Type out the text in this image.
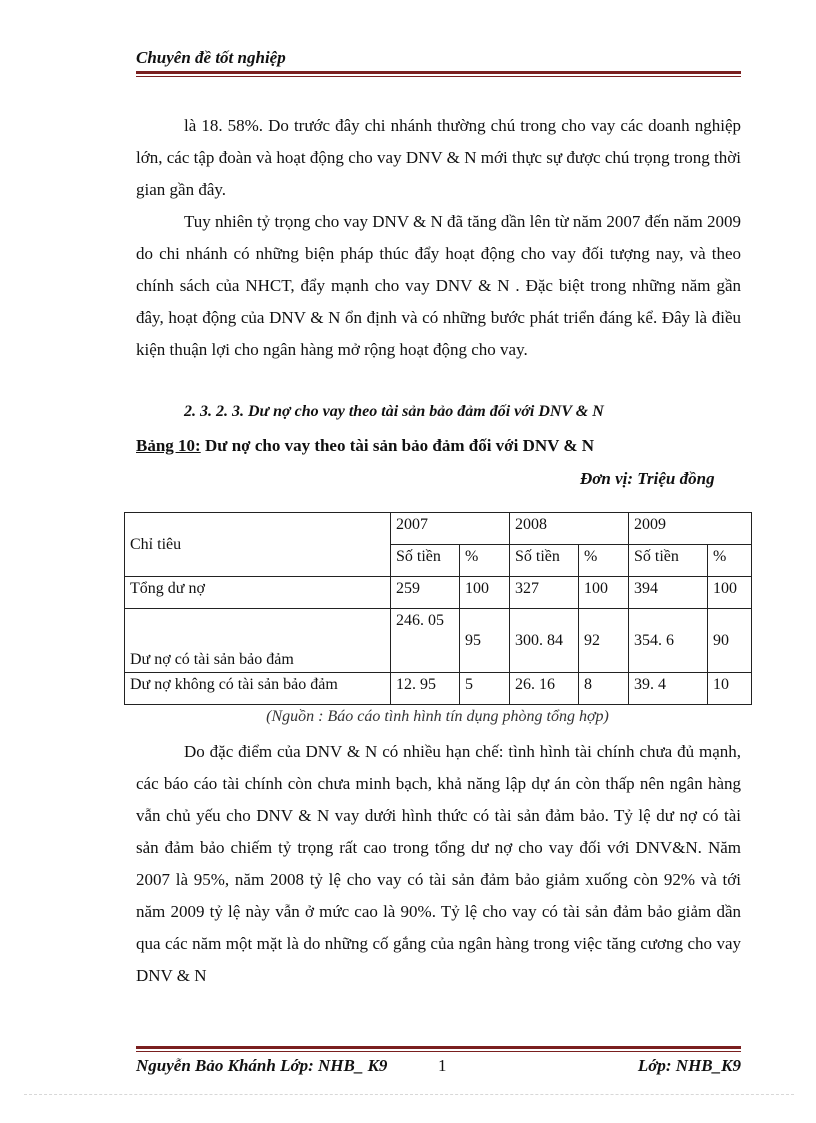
Chuyên đề tốt nghiệp

là 18. 58%. Do trước đây chi nhánh thường chú trong cho vay các doanh nghiệp lớn, các tập đoàn và hoạt động cho vay DNV & N mới thực sự được chú trọng trong thời gian gần đây.

Tuy nhiên tỷ trọng cho vay DNV & N đã tăng dần lên từ năm 2007 đến năm 2009 do chi nhánh có những biện pháp thúc đẩy hoạt động cho vay đối tượng nay, và theo chính sách của NHCT, đẩy mạnh cho vay DNV & N . Đặc biệt trong những năm gần đây, hoạt động của DNV & N ổn định và có những bước phát triển đáng kể. Đây là điều kiện thuận lợi cho ngân hàng mở rộng hoạt động cho vay.

2. 3. 2. 3. Dư nợ cho vay theo tài sản bảo đảm đối với DNV & N
Bảng 10: Dư nợ cho vay theo tài sản bảo đảm đối với DNV & N
Đơn vị: Triệu đồng
Chỉ tiêu	2007		2008		2009	
	Số tiền	%	Số tiền	%	Số tiền	%
Tổng dư nợ	259	100	327	100	394	100
Dư nợ có tài sản bảo đảm	246. 05	95	300. 84	92	354. 6	90
Dư nợ không có tài sản bảo đảm	12. 95	5	26. 16	8	39. 4	10
(Nguồn : Báo cáo tình hình tín dụng phòng tổng hợp)

Do đặc điểm của DNV & N có nhiều hạn chế: tình hình tài chính chưa đủ mạnh, các báo cáo tài chính còn chưa minh bạch, khả năng lập dự án còn thấp nên ngân hàng vẫn chủ yếu cho DNV & N vay dưới hình thức có tài sản đảm bảo. Tỷ lệ dư nợ có tài sản đảm bảo chiếm tỷ trọng rất cao trong tổng dư nợ cho vay đối với DNV&N. Năm 2007 là 95%, năm 2008 tỷ lệ cho vay có tài sản đảm bảo giảm xuống còn 92% và tới năm 2009 tỷ lệ này vẫn ở mức cao là 90%. Tỷ lệ cho vay có tài sản đảm bảo giảm dần qua các năm một mặt là do những cố gắng của ngân hàng trong việc tăng cương cho vay DNV & N

Nguyễn Bảo Khánh Lớp: NHB_ K9	1	Lớp: NHB_K9
